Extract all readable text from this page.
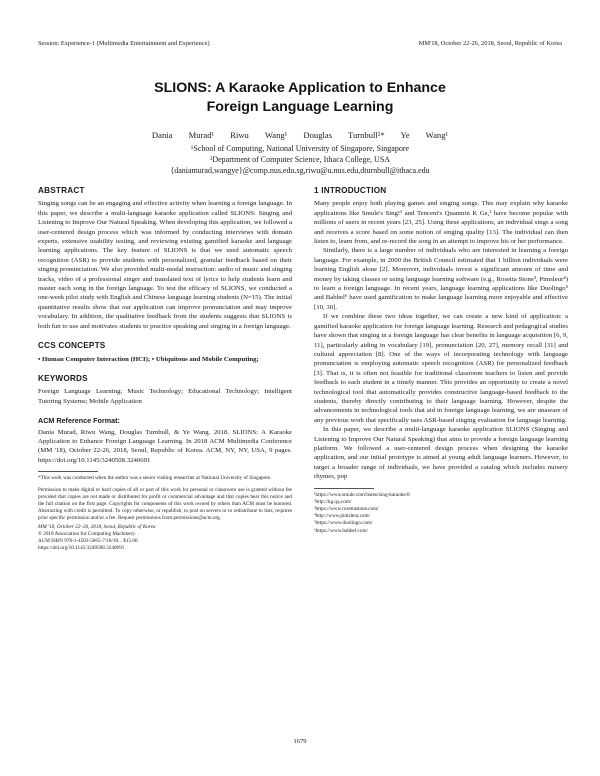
Session: Experience-1 (Multimedia Entertainment and Experience)	MM'18, October 22-26, 2018, Seoul, Republic of Korea
SLIONS: A Karaoke Application to Enhance
Foreign Language Learning
Dania Murad¹ Riwu Wang¹ Douglas Turnbull²* Ye Wang¹
¹School of Computing, National University of Singapore, Singapore
²Department of Computer Science, Ithaca College, USA
{daniamurad,wangye}@comp.nus.edu.sg,riwu@u.nus.edu,dturnbull@ithaca.edu
ABSTRACT

Singing songs can be an engaging and effective activity when learning a foreign language. In this paper, we describe a multi-language karaoke application called SLIONS: Singing and Listening to Improve Our Natural Speaking. When developing this application, we followed a user-centered design process which was informed by conducting interviews with domain experts, extensive usability testing, and reviewing existing gamified karaoke and language learning applications. The key feature of SLIONS is that we used automatic speech recognition (ASR) to provide students with personalized, granular feedback based on their singing pronunciation. We also provided multi-modal instruction: audio of music and singing tracks, video of a professional singer and translated text of lyrics to help students learn and master each song in the foreign language. To test the efficacy of SLIONS, we conducted a one-week pilot study with English and Chinese language learning students (N=15). The initial quantitative results show that our application can improve pronunciation and may improve vocabulary. In addition, the qualitative feedback from the students suggests that SLIONS is both fun to use and motivates students to practice speaking and singing in a foreign language.

CCS CONCEPTS

• Human Computer Interaction (HCI); • Ubiquitous and Mobile Computing;

KEYWORDS

Foreign Language Learning; Music Technology; Educational Technology; Intelligent Tutoring Systems; Mobile Application

ACM Reference Format:

Dania Murad, Riwu Wang, Douglas Turnbull, & Ye Wang. 2018. SLIONS: A Karaoke Application to Enhance Foreign Language Learning. In 2018 ACM Multimedia Conference (MM '18), October 22-26, 2018, Seoul, Republic of Korea. ACM, NY, NY, USA, 9 pages. https://doi.org/10.1145/3240508.3240691

*This work was conducted when the author was a senior visiting researcher at National University of Singapore.

Permission to make digital or hard copies of all or part of this work for personal or classroom use is granted without fee provided that copies are not made or distributed for profit or commercial advantage and that copies bear this notice and the full citation on the first page. Copyrights for components of this work owned by others than ACM must be honored. Abstracting with credit is permitted. To copy otherwise, or republish, to post on servers or to redistribute to lists, requires prior specific permission and/or a fee. Request permissions from permissions@acm.org.

MM '18, October 22–26, 2018, Seoul, Republic of Korea
© 2018 Association for Computing Machinery.
ACM ISBN 978-1-4503-5665-7/18/10... $15.00
https://doi.org/10.1145/3240508.3240691
1 INTRODUCTION

Many people enjoy both playing games and singing songs. This may explain why karaoke applications like Smule's Sing!¹ and Tencent's Quanmin K Ge,² have become popular with millions of users in recent years [23, 25]. Using these applications, an individual sings a song and receives a score based on some notion of singing quality [13]. The individual can then listen to, learn from, and re-record the song in an attempt to improve his or her performance.

Similarly, there is a large number of individuals who are interested in learning a foreign language. For example, in 2000 the British Council estimated that 1 billion individuals were learning English alone [2]. Moreover, individuals invest a significant amount of time and money by taking classes or using language learning software (e.g., Rosetta Stone³, Pimsleur⁴) to learn a foreign language. In recent years, language learning applications like Duolingo⁵ and Babbel⁶ have used gamification to make language learning more enjoyable and effective [10, 30].

If we combine these two ideas together, we can create a new kind of application: a gamified karaoke application for foreign language learning. Research and pedagogical studies have shown that singing in a foreign language has clear benefits in language acquisition [6, 9, 11], particularly aiding in vocabulary [19], pronunciation [20, 27], memory recall [31] and cultural appreciation [8]. One of the ways of incorporating technology with language pronunciation is employing automatic speech recognition (ASR) for personalized feedback [3]. That is, it is often not feasible for traditional classroom teachers to listen and provide feedback to each student in a timely manner. This provides an opportunity to create a novel technological tool that automatically provides constructive language-based feedback to the students, thereby directly contributing to their language learning. However, despite the advancements in technological tools that aid in foreign language learning, we are unaware of any previous work that specifically uses ASR-based singing evaluation for language learning.

In this paper, we describe a multi-language karaoke application SLIONS (Singing and Listening to Improve Our Natural Speaking) that aims to provide a foreign language learning platform. We followed a user-centered design process when designing the karaoke application, and our initial prototype is aimed at young adult language learners. However, to target a broader range of individuals, we have provided a catalog which includes nursery rhymes, pop

¹https://www.smule.com/listen/sing-karaoke/8
²http://kg.qq.com/
³https://www.rosettastone.com/
⁴http://www.pimsleur.com/
⁵https://www.duolingo.com/
⁶https://www.babbel.com/
1679
